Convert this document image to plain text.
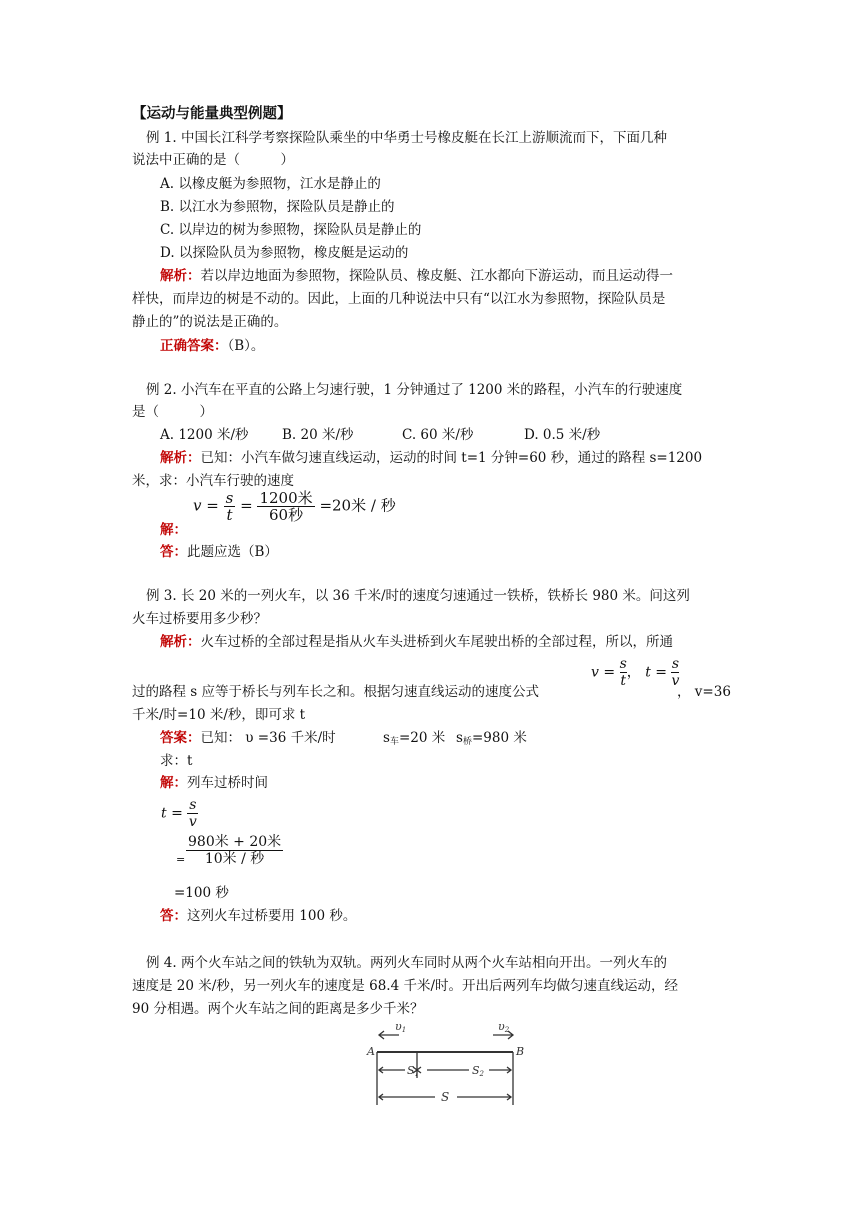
【运动与能量典型例题】
例 1. 中国长江科学考察探险队乘坐的中华勇士号橡皮艇在长江上游顺流而下，下面几种
说法中正确的是（　　　）
A. 以橡皮艇为参照物，江水是静止的
B. 以江水为参照物，探险队员是静止的
C. 以岸边的树为参照物，探险队员是静止的
D. 以探险队员为参照物，橡皮艇是运动的
解析：若以岸边地面为参照物，探险队员、橡皮艇、江水都向下游运动，而且运动得一
样快，而岸边的树是不动的。因此，上面的几种说法中只有“以江水为参照物，探险队员是
静止的”的说法是正确的。
正确答案：（B）。
例 2. 小汽车在平直的公路上匀速行驶，1 分钟通过了 1200 米的路程，小汽车的行驶速度
是（　　　）
A. 1200 米/秒 B. 20 米/秒	C. 60 米/秒	D. 0.5 米/秒
解析：已知：小汽车做匀速直线运动，运动的时间 t=1 分钟=60 秒，通过的路程 s=1200
米，求：小汽车行驶的速度
$v = \frac{s}{t} = \frac{\text{1200米}}{\text{60秒}} =20$米 / 秒
解：
答：此题应选（B）
例 3. 长 20 米的一列火车，以 36 千米/时的速度匀速通过一铁桥，铁桥长 980 米。问这列
火车过桥要用多少秒？
解析：火车过桥的全部过程是指从火车头进桥到火车尾驶出桥的全部过程，所以，所通
$v = \frac{s}{t}$ ， $t = \frac{s}{v}$
过的路程 s 应等于桥长与列车长之和。根据匀速直线运动的速度公式	， v=36
千米/时=10 米/秒，即可求 t
答案：已知： υ =36 千米/时	$s_车=20$ 米 $s_桥=980$ 米
求：t
解：列车过桥时间
$t = \frac{s}{v}$
= $\frac{\text{980米 + 20米}}{\text{10米 / 秒}}$
=100 秒
答：这列火车过桥要用 100 秒。
例 4. 两个火车站之间的铁轨为双轨。两列火车同时从两个火车站相向开出。一列火车的
速度是 20 米/秒，另一列火车的速度是 68.4 千米/时。开出后两列车均做匀速直线运动，经
90 分相遇。两个火车站之间的距离是多少千米？
A	B
υ1	υ2
S1	S2
S
